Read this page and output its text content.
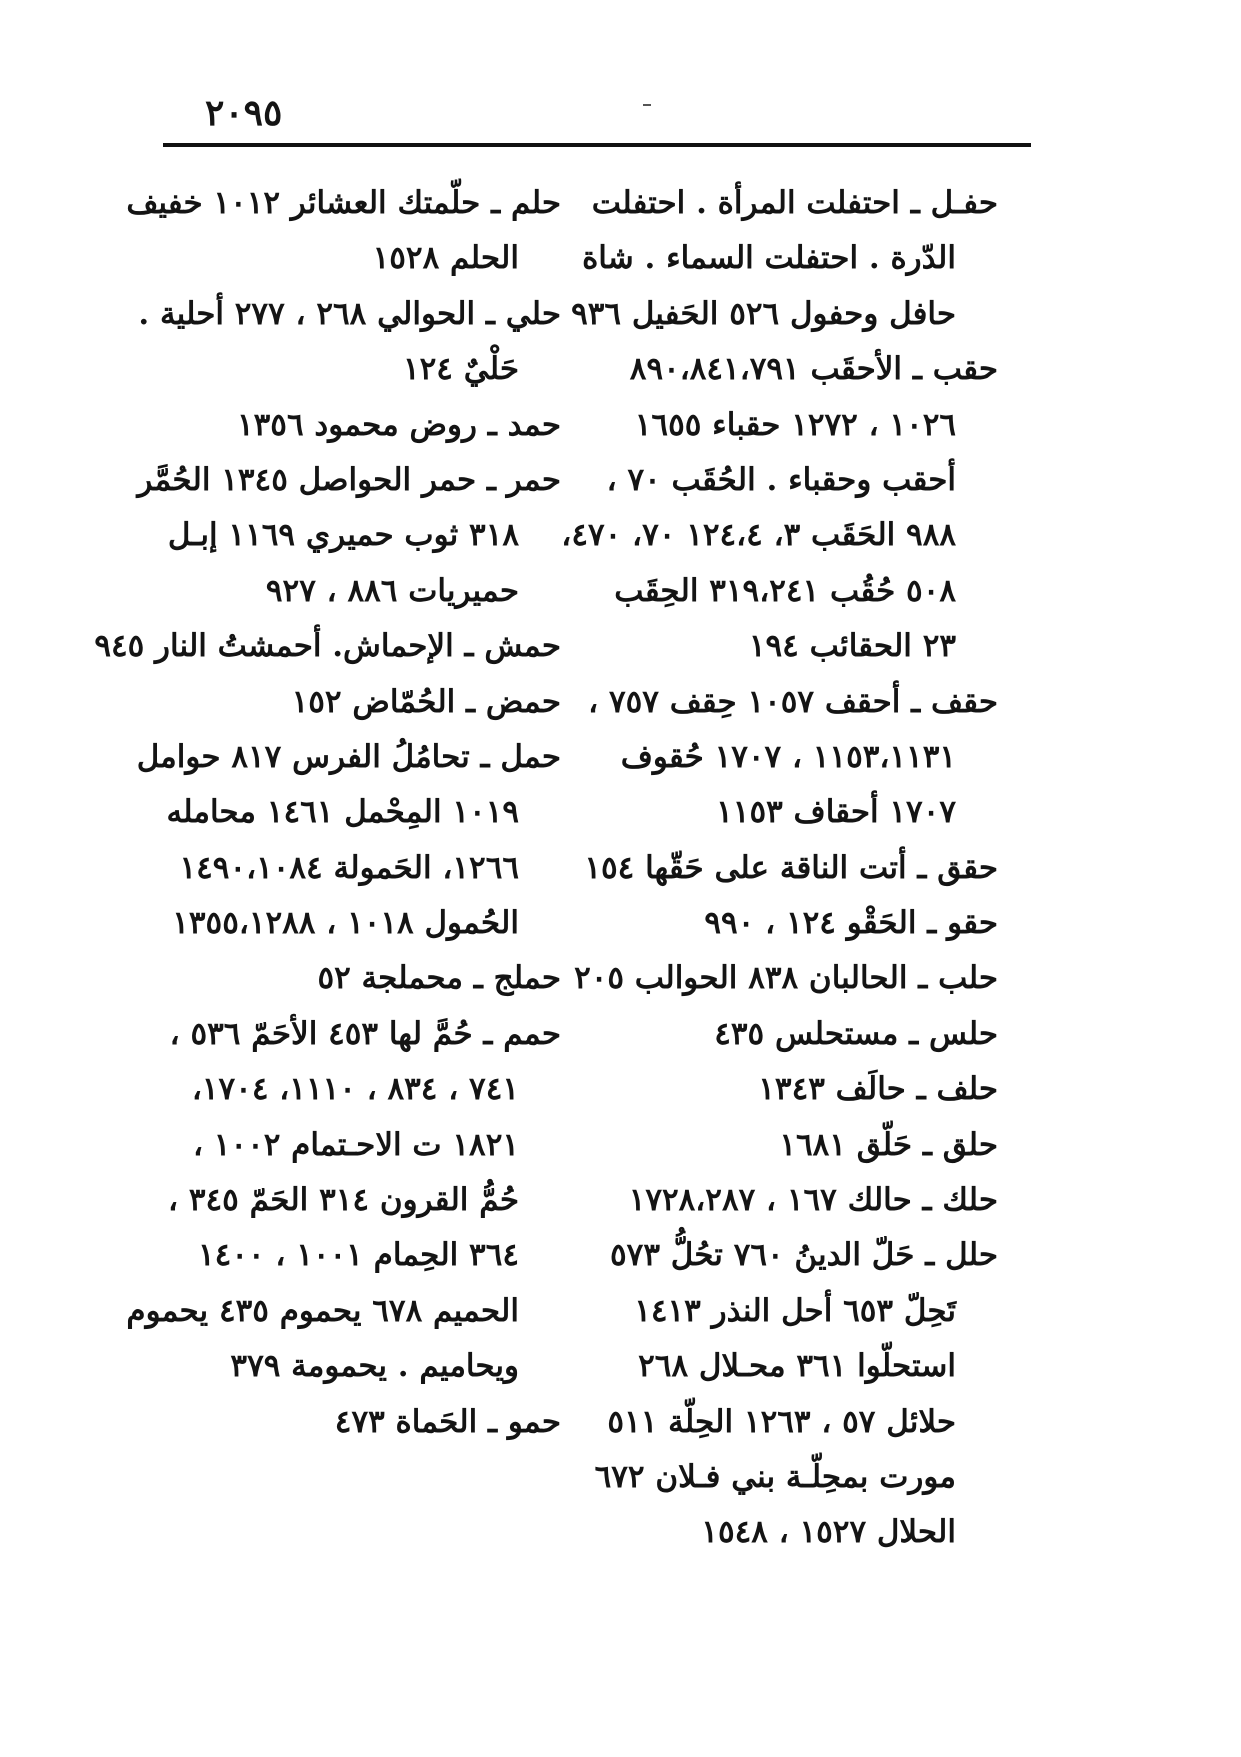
٢٠٩٥
حفـل ـ احتفلت المرأة . احتفلت
الدّرة . احتفلت السماء . شاة
حافل وحفول ٥٢٦ الحَفيل ٩٣٦
حقب ـ الأحقَب ٨٩٠،٨٤١،٧٩١
١٠٢٦ ، ١٢٧٢ حقباء ١٦٥٥
أحقب وحقباء . الحُقَب ٧٠ ،
٩٨٨ الحَقَب ٣، ١٢٤،٤ ٧٠، ٤٧٠،
٥٠٨ حُقُب ٣١٩،٢٤١ الحِقَب
٢٣ الحقائب ١٩٤
حقف ـ أحقف ١٠٥٧ حِقف ٧٥٧ ،
١١٥٣،١١٣١ ، ١٧٠٧ حُقوف
١٧٠٧ أحقاف ١١٥٣
حقق ـ أتت الناقة على حَقّها ١٥٤
حقو ـ الحَقْو ١٢٤ ، ٩٩٠
حلب ـ الحالبان ٨٣٨ الحوالب ٢٠٥
حلس ـ مستحلس ٤٣٥
حلف ـ حالَف ١٣٤٣
حلق ـ حَلّق ١٦٨١
حلك ـ حالك ١٦٧ ، ١٧٢٨،٢٨٧
حلل ـ حَلّ الدينُ ٧٦٠ تحُلُّ ٥٧٣
تَحِلّ ٦٥٣ أحل النذر ١٤١٣
استحلّوا ٣٦١ محـلال ٢٦٨
حلائل ٥٧ ، ١٢٦٣ الحِلّة ٥١١
مورت بمحِلّـة بني فـلان ٦٧٢
الحلال ١٥٢٧ ، ١٥٤٨
حلم ـ حلّمتك العشائر ١٠١٢ خفيف
الحلم ١٥٢٨
حلي ـ الحوالي ٢٦٨ ، ٢٧٧ أحلية .
حَلْيٌ ١٢٤
حمد ـ روض محمود ١٣٥٦
حمر ـ حمر الحواصل ١٣٤٥ الحُمَّر
٣١٨ ثوب حميري ١١٦٩ إبـل
حميريات ٨٨٦ ، ٩٢٧
حمش ـ الإحماش. أحمشتُ النار ٩٤٥
حمض ـ الحُمّاض ١٥٢
حمل ـ تحامُلُ الفرس ٨١٧ حوامل
١٠١٩ المِحْمل ١٤٦١ محامله
١٢٦٦، الحَمولة ١٤٩٠،١٠٨٤
الحُمول ١٠١٨ ، ١٣٥٥،١٢٨٨
حملج ـ محملجة ٥٢
حمم ـ حُمَّ لها ٤٥٣ الأحَمّ ٥٣٦ ،
٧٤١ ، ٨٣٤ ، ١١١٠، ١٧٠٤،
١٨٢١ ت الاحـتمام ١٠٠٢ ،
حُمُّ القرون ٣١٤ الحَمّ ٣٤٥ ،
٣٦٤ الحِمام ١٠٠١ ، ١٤٠٠
الحميم ٦٧٨ يحموم ٤٣٥ يحموم
ويحاميم . يحمومة ٣٧٩
حمو ـ الحَماة ٤٧٣
